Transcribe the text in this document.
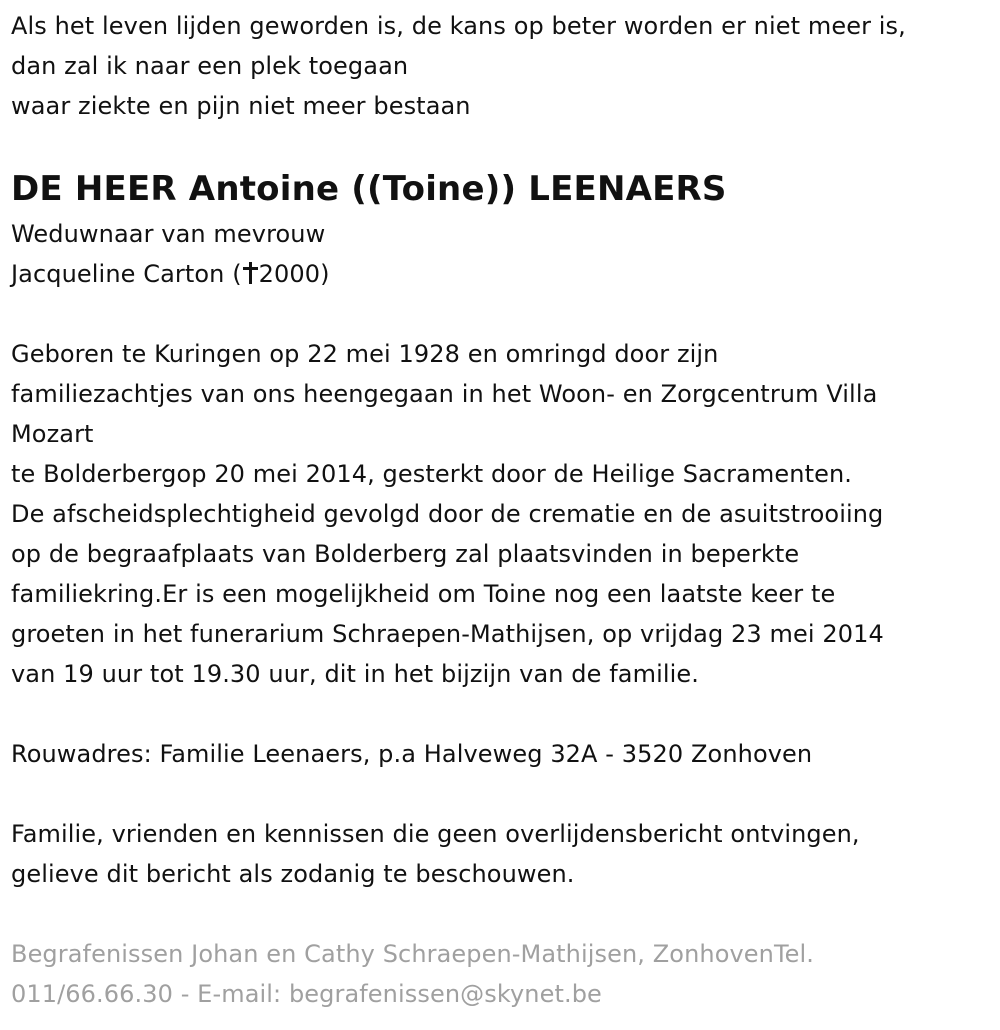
Als het leven lijden geworden is, de kans op beter worden er niet meer is,
dan zal ik naar een plek toegaan
waar ziekte en pijn niet meer bestaan
DE HEER Antoine ((Toine)) LEENAERS
Weduwnaar van mevrouw
Jacqueline Carton ( 2000)
Geboren te Kuringen op 22 mei 1928 en omringd door zijn
familiezachtjes van ons heengegaan in het Woon- en Zorgcentrum Villa
Mozart
te Bolderbergop 20 mei 2014, gesterkt door de Heilige Sacramenten.
De afscheidsplechtigheid gevolgd door de crematie en de asuitstrooiing
op de begraafplaats van Bolderberg zal plaatsvinden in beperkte
familiekring.Er is een mogelijkheid om Toine nog een laatste keer te
groeten in het funerarium Schraepen-Mathijsen, op vrijdag 23 mei 2014
van 19 uur tot 19.30 uur, dit in het bijzijn van de familie.
Rouwadres: Familie Leenaers, p.a Halveweg 32A - 3520 Zonhoven
Familie, vrienden en kennissen die geen overlijdensbericht ontvingen,
gelieve dit bericht als zodanig te beschouwen.
Begrafenissen Johan en Cathy Schraepen-Mathijsen, ZonhovenTel.
011/66.66.30 - E-mail: begrafenissen@skynet.be
